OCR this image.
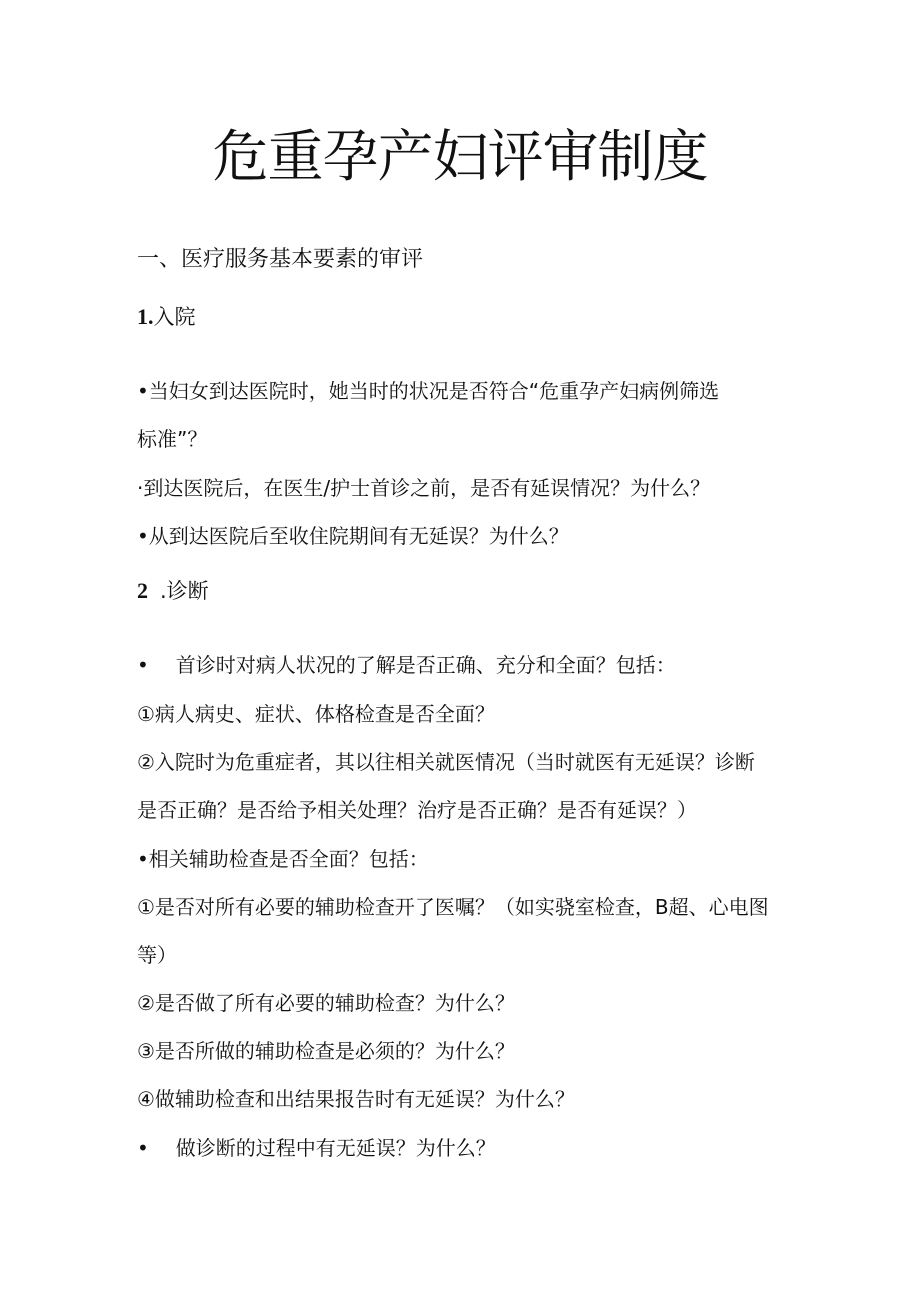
危重孕产妇评审制度
一、医疗服务基本要素的审评
1.入院
•当妇女到达医院时，她当时的状况是否符合“危重孕产妇病例筛选
标准”？
·到达医院后，在医生/护士首诊之前，是否有延误情况？为什么？
•从到达医院后至收住院期间有无延误？为什么？
2 .诊断
• 首诊时对病人状况的了解是否正确、充分和全面？包括：
①病人病史、症状、体格检查是否全面？
②入院时为危重症者，其以往相关就医情况（当时就医有无延误？诊断
是否正确？是否给予相关处理？治疗是否正确？是否有延误？）
•相关辅助检查是否全面？包括：
①是否对所有必要的辅助检查开了医嘱？（如实骁室检查，B超、心电图
等）
②是否做了所有必要的辅助检查？为什么？
③是否所做的辅助检查是必须的？为什么？
④做辅助检查和出结果报告时有无延误？为什么？
• 做诊断的过程中有无延误？为什么？
